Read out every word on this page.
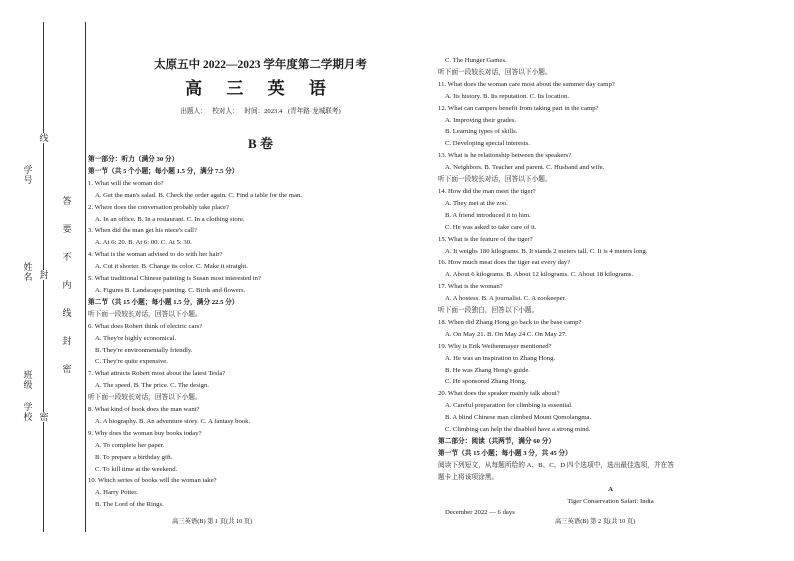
学号
姓名
班级
学校
线
封
密
答
要
不
内
线
封
密
太原五中 2022—2023 学年度第二学期月考
高 三 英 语
出题人： 校对人： 时间：2023.4 (青年路·龙城联考)
B 卷

第一部分：听力（满分 30 分）

第一节（共 5 个小题；每小题 1.5 分，满分 7.5 分）

1. What will the woman do?

A. Get the man's salad. B. Check the order again. C. Find a table for the man.

2. Where does the conversation probably take place?

A. In an office. B. In a restaurant. C. In a clothing store.

3. When did the man get his niece's call?

A. At 6: 20. B. At 6: 00. C. At 5: 30.

4. What is the woman advised to do with her hair?

A. Cut it shorter. B. Change its color. C. Make it straight.

5. What traditional Chinese painting is Susan most interested in?

A. Figures B. Landscape painting. C. Birds and flowers.

第二节（共 15 小题；每小题 1.5 分，满分 22.5 分）

听下面一段较长对话，回答以下小题。

6. What does Robert think of electric cars?

A. They're highly economical.

B. They're environmentally friendly.

C. They're quite expensive.

7. What attracts Robert most about the latest Tesla?

A. The speed. B. The price. C. The design.

听下面一段较长对话，回答以下小题。

8. What kind of book does the man want?

A. A biography. B. An adventure story. C. A fantasy book.

9. Why does the woman buy books today?

A. To complete her paper.

B. To prepare a birthday gift.

C. To kill time at the weekend.

10. Which series of books will the woman take?

A. Harry Potter.

B. The Lord of the Rings.

C. The Hunger Games.

听下面一段较长对话，回答以下小题。

11. What does the woman care most about the summer day camp?

A. Its history. B. Its reputation. C. Its location.

12. What can campers benefit from taking part in the camp?

A. Improving their grades.

B. Learning types of skills.

C. Developing special interests.

13. What is he relationship between the speakers?

A. Neighbors. B. Teacher and parent. C. Husband and wife.

听下面一段较长对话，回答以下小题。

14. How did the man meet the tiger?

A. They met at the zoo.

B. A friend introduced it to him.

C. He was asked to take care of it.

15. What is the feature of the tiger?

A. It weighs 180 kilograms. B. It stands 2 meters tall. C. It is 4 meters long.

16. How much meat does the tiger eat every day?

A. About 6 kilograms. B. About 12 kilograms. C. About 18 kilograms.

17. What is the woman?

A. A hostess. B. A journalist. C. A zookeeper.

听下面一段独白，回答以下小题。

18. When did Zhang Hong go back to the base camp?

A. On May 21. B. On May 24 C. On May 27.

19. Why is Erik Weihenmayer mentioned?

A. He was an inspiration to Zhang Hong.

B. He was Zhang Hong's guide.

C. He sponsored Zhang Hong.

20. What does the speaker mainly talk about?

A. Careful preparation for climbing is essential.

B. A blind Chinese man climbed Mount Qomolangma.

C. Climbing can help the disabled have a strong mind.

第二部分：阅读（共两节，满分 60 分）

第一节（共 15 小题；每小题 3 分，共 45 分）

阅读下列短文，从每题所给的 A、B、C、D 四个选项中，选出最佳选项，并在答

题卡上将该项涂黑。

A

Tiger Conservation Safari: India

December 2022 — 6 days

高三英语(B) 第 1 页(共 10 页)	高三英语(B) 第 2 页(共 10 页)
